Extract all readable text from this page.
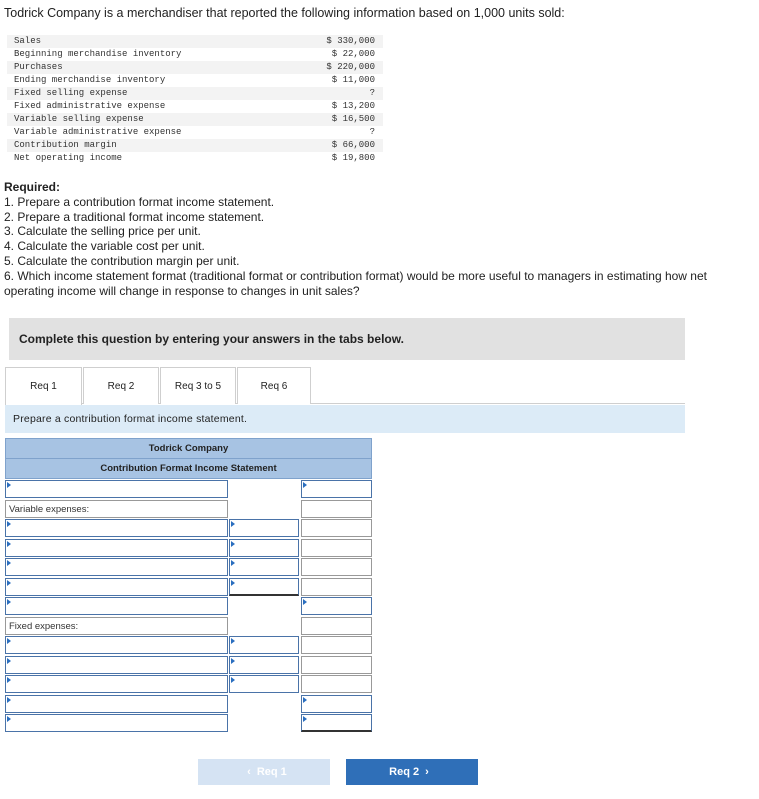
Todrick Company is a merchandiser that reported the following information based on 1,000 units sold:
Sales	$ 330,000
Beginning merchandise inventory	$ 22,000
Purchases	$ 220,000
Ending merchandise inventory	$ 11,000
Fixed selling expense	?
Fixed administrative expense	$ 13,200
Variable selling expense	$ 16,500
Variable administrative expense	?
Contribution margin	$ 66,000
Net operating income	$ 19,800
Required:
1. Prepare a contribution format income statement.
2. Prepare a traditional format income statement.
3. Calculate the selling price per unit.
4. Calculate the variable cost per unit.
5. Calculate the contribution margin per unit.
6. Which income statement format (traditional format or contribution format) would be more useful to managers in estimating how net operating income will change in response to changes in unit sales?
Complete this question by entering your answers in the tabs below.
Req 1	Req 2	Req 3 to 5	Req 6
Prepare a contribution format income statement.
Todrick Company
Contribution Format Income Statement
Variable expenses:
Fixed expenses:
‹ Req 1	Req 2 ›
